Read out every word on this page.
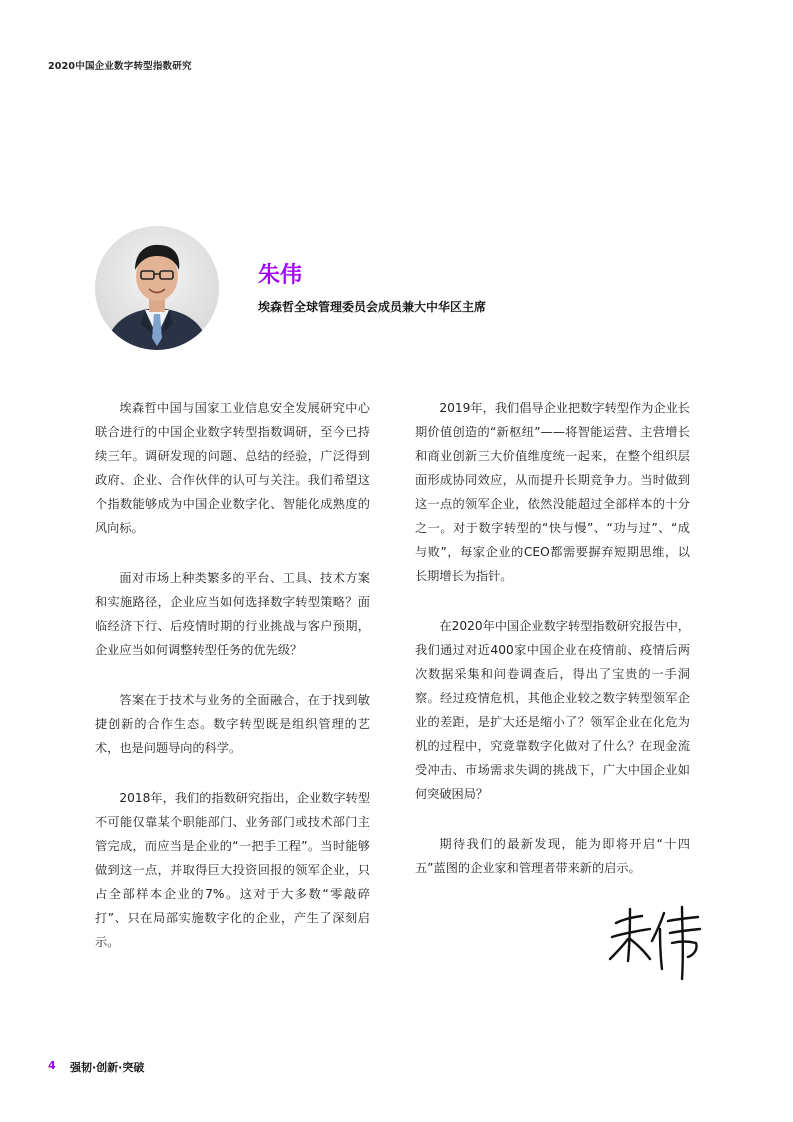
2020中国企业数字转型指数研究
朱伟
埃森哲全球管理委员会成员兼大中华区主席

埃森哲中国与国家工业信息安全发展研究中心联合进行的中国企业数字转型指数调研，至今已持续三年。调研发现的问题、总结的经验，广泛得到政府、企业、合作伙伴的认可与关注。我们希望这个指数能够成为中国企业数字化、智能化成熟度的风向标。

面对市场上种类繁多的平台、工具、技术方案和实施路径，企业应当如何选择数字转型策略？面临经济下行、后疫情时期的行业挑战与客户预期，企业应当如何调整转型任务的优先级？

答案在于技术与业务的全面融合，在于找到敏捷创新的合作生态。数字转型既是组织管理的艺术，也是问题导向的科学。

2018年，我们的指数研究指出，企业数字转型不可能仅靠某个职能部门、业务部门或技术部门主管完成，而应当是企业的“一把手工程”。当时能够做到这一点，并取得巨大投资回报的领军企业，只占全部样本企业的7%。这对于大多数“零敲碎打”、只在局部实施数字化的企业，产生了深刻启示。

2019年，我们倡导企业把数字转型作为企业长期价值创造的“新枢纽”——将智能运营、主营增长和商业创新三大价值维度统一起来，在整个组织层面形成协同效应，从而提升长期竞争力。当时做到这一点的领军企业，依然没能超过全部样本的十分之一。对于数字转型的“快与慢”、“功与过”、“成与败”，每家企业的CEO都需要摒弃短期思维，以长期增长为指针。

在2020年中国企业数字转型指数研究报告中，我们通过对近400家中国企业在疫情前、疫情后两次数据采集和问卷调查后，得出了宝贵的一手洞察。经过疫情危机，其他企业较之数字转型领军企业的差距，是扩大还是缩小了？领军企业在化危为机的过程中，究竟靠数字化做对了什么？在现金流受冲击、市场需求失调的挑战下，广大中国企业如何突破困局？

期待我们的最新发现，能为即将开启“十四五”蓝图的企业家和管理者带来新的启示。

4 强韧·创新·突破
